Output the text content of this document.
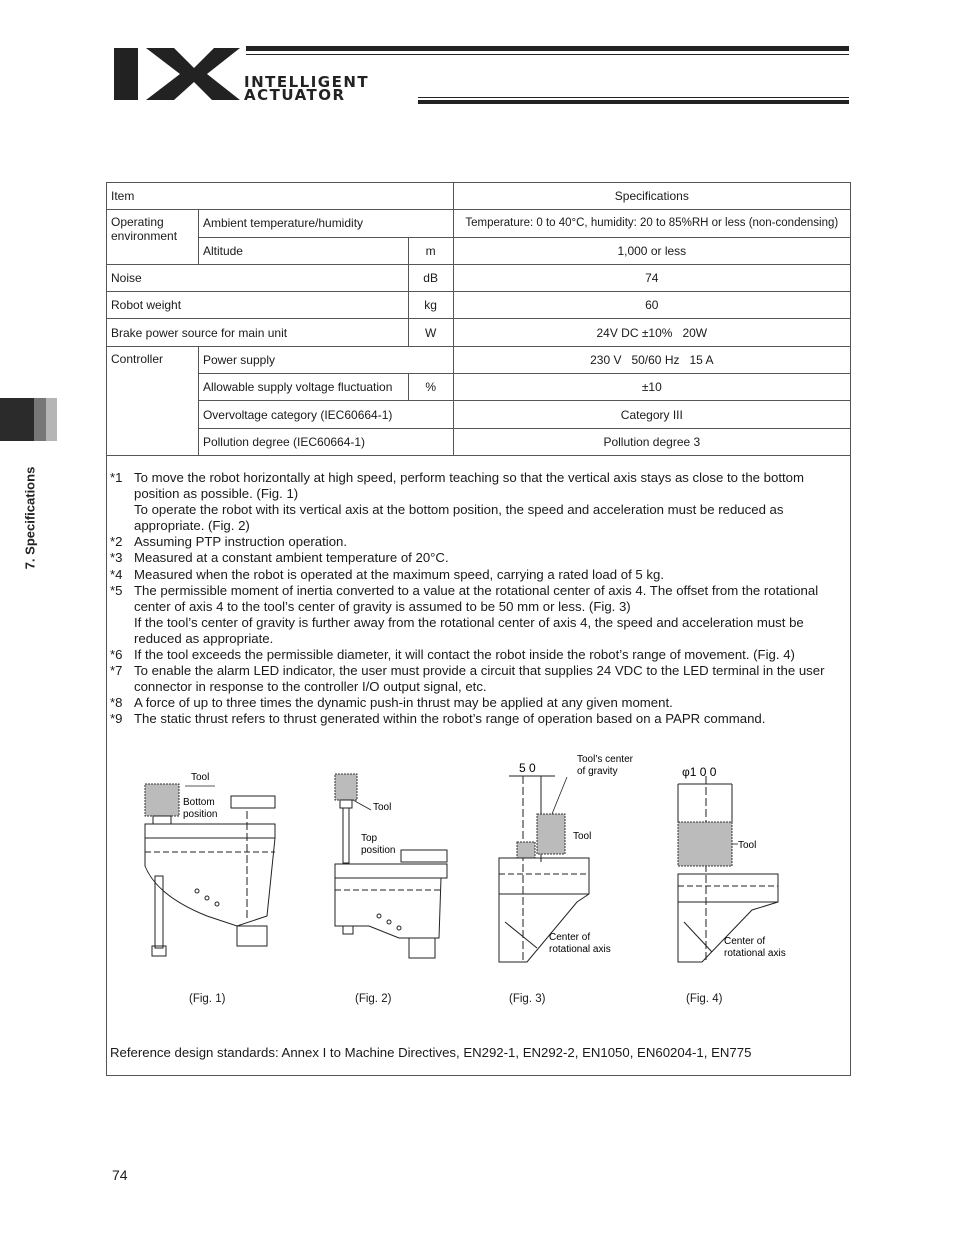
INTELLIGENT
ACTUATOR
7. Specifications
Item			Specifications
Operating environment	Ambient temperature/humidity		Temperature: 0 to 40°C, humidity: 20 to 85%RH or less (non-condensing)
	Altitude	m	1,000 or less
Noise		dB	74
Robot weight		kg	60
Brake power source for main unit		W	24V DC ±10%   20W
Controller	Power supply		230 V   50/60 Hz   15 A
	Allowable supply voltage fluctuation	%	±10
	Overvoltage category (IEC60664-1)		Category III
	Pollution degree (IEC60664-1)		Pollution degree 3
*1 To move the robot horizontally at high speed, perform teaching so that the vertical axis stays as close to the bottom position as possible. (Fig. 1)
To operate the robot with its vertical axis at the bottom position, the speed and acceleration must be reduced as appropriate. (Fig. 2)
*2 Assuming PTP instruction operation.
*3 Measured at a constant ambient temperature of 20°C.
*4 Measured when the robot is operated at the maximum speed, carrying a rated load of 5 kg.
*5 The permissible moment of inertia converted to a value at the rotational center of axis 4. The offset from the rotational center of axis 4 to the tool’s center of gravity is assumed to be 50 mm or less. (Fig. 3)
If the tool’s center of gravity is further away from the rotational center of axis 4, the speed and acceleration must be reduced as appropriate.
*6 If the tool exceeds the permissible diameter, it will contact the robot inside the robot’s range of movement. (Fig. 4)
*7 To enable the alarm LED indicator, the user must provide a circuit that supplies 24 VDC to the LED terminal in the user connector in response to the controller I/O output signal, etc.
*8 A force of up to three times the dynamic push-in thrust may be applied at any given moment.
*9 The static thrust refers to thrust generated within the robot’s range of operation based on a PAPR command.
Tool
Bottom
position
Tool
Top
position
5 0
Tool’s center
of gravity
Tool
Center of
rotational axis
φ1 0 0
Tool
Center of
rotational axis
(Fig. 1)	(Fig. 2)	(Fig. 3)	(Fig. 4)
Reference design standards: Annex I to Machine Directives, EN292-1, EN292-2, EN1050, EN60204-1, EN775
74
